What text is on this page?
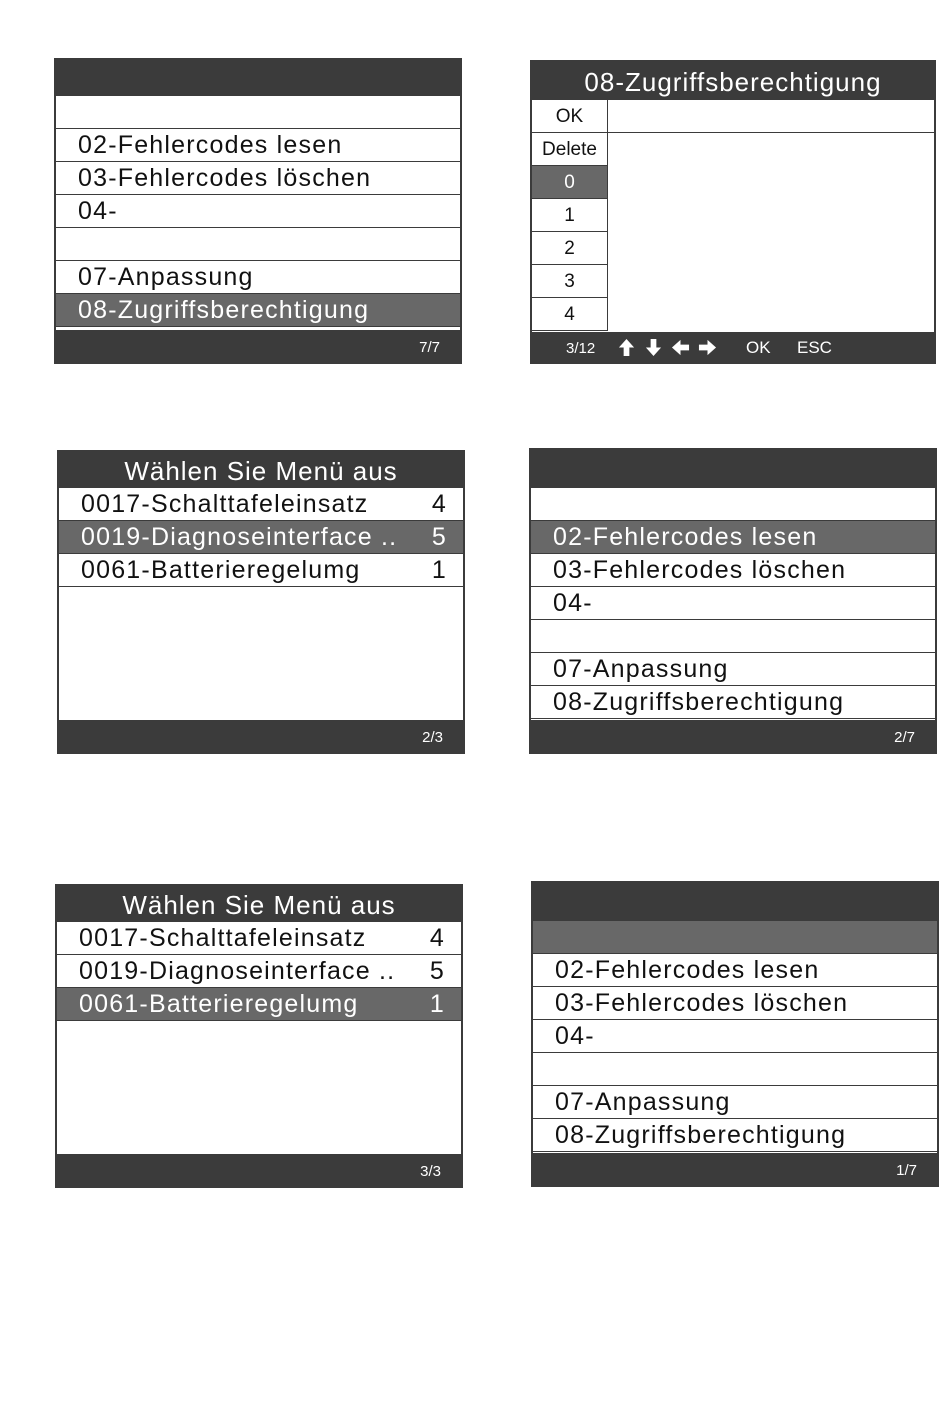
02-Fehlercodes lesen
03-Fehlercodes löschen
04-
07-Anpassung
08-Zugriffsberechtigung
7/7
08-Zugriffsberechtigung
OK
Delete
0
1
2
3
4
3/12	OK ESC
Wählen Sie Menü aus
0017-Schalttafeleinsatz	4
0019-Diagnoseinterface .. 5
0061-Batterieregelumg	1
2/3
02-Fehlercodes lesen
03-Fehlercodes löschen
04-
07-Anpassung
08-Zugriffsberechtigung
2/7
Wählen Sie Menü aus
0017-Schalttafeleinsatz	4
0019-Diagnoseinterface .. 5
0061-Batterieregelumg	1
3/3
02-Fehlercodes lesen
03-Fehlercodes löschen
04-
07-Anpassung
08-Zugriffsberechtigung
1/7
